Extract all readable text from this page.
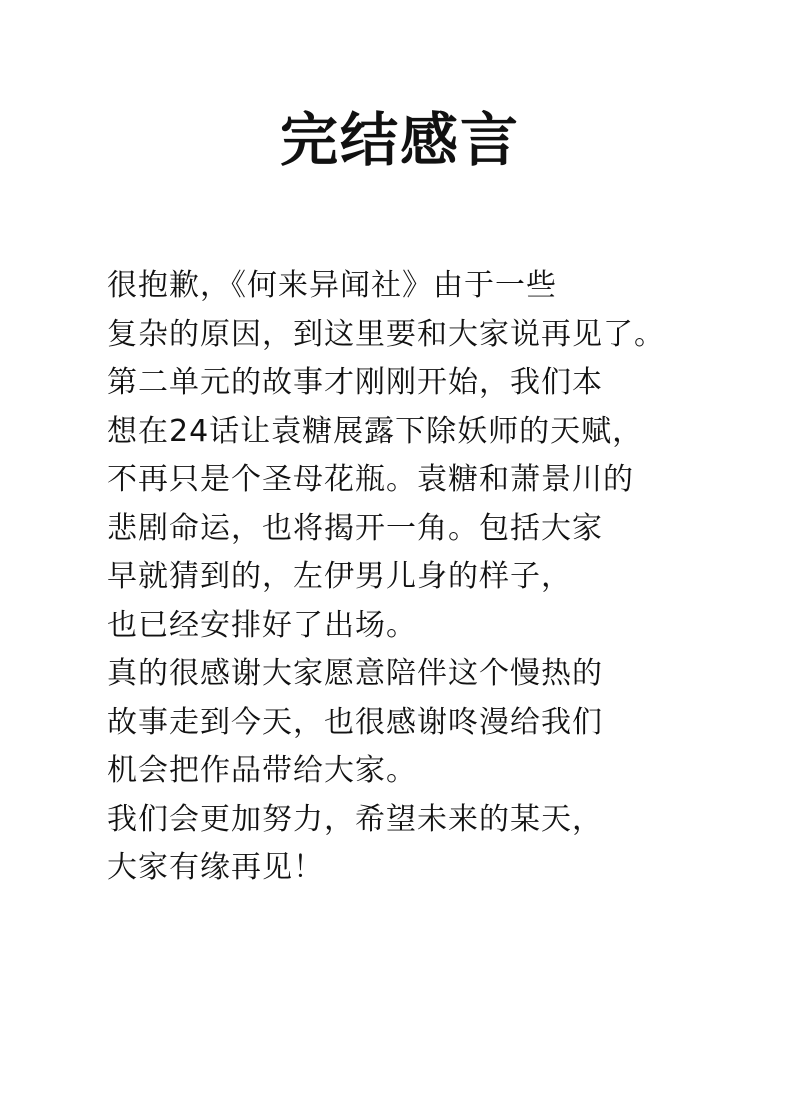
完结感言
很抱歉，《何来异闻社》由于一些
复杂的原因，到这里要和大家说再见了。
第二单元的故事才刚刚开始，我们本
想在24话让袁糖展露下除妖师的天赋，
不再只是个圣母花瓶。袁糖和萧景川的
悲剧命运，也将揭开一角。包括大家
早就猜到的，左伊男儿身的样子，
也已经安排好了出场。
真的很感谢大家愿意陪伴这个慢热的
故事走到今天，也很感谢咚漫给我们
机会把作品带给大家。
我们会更加努力，希望未来的某天，
大家有缘再见！
